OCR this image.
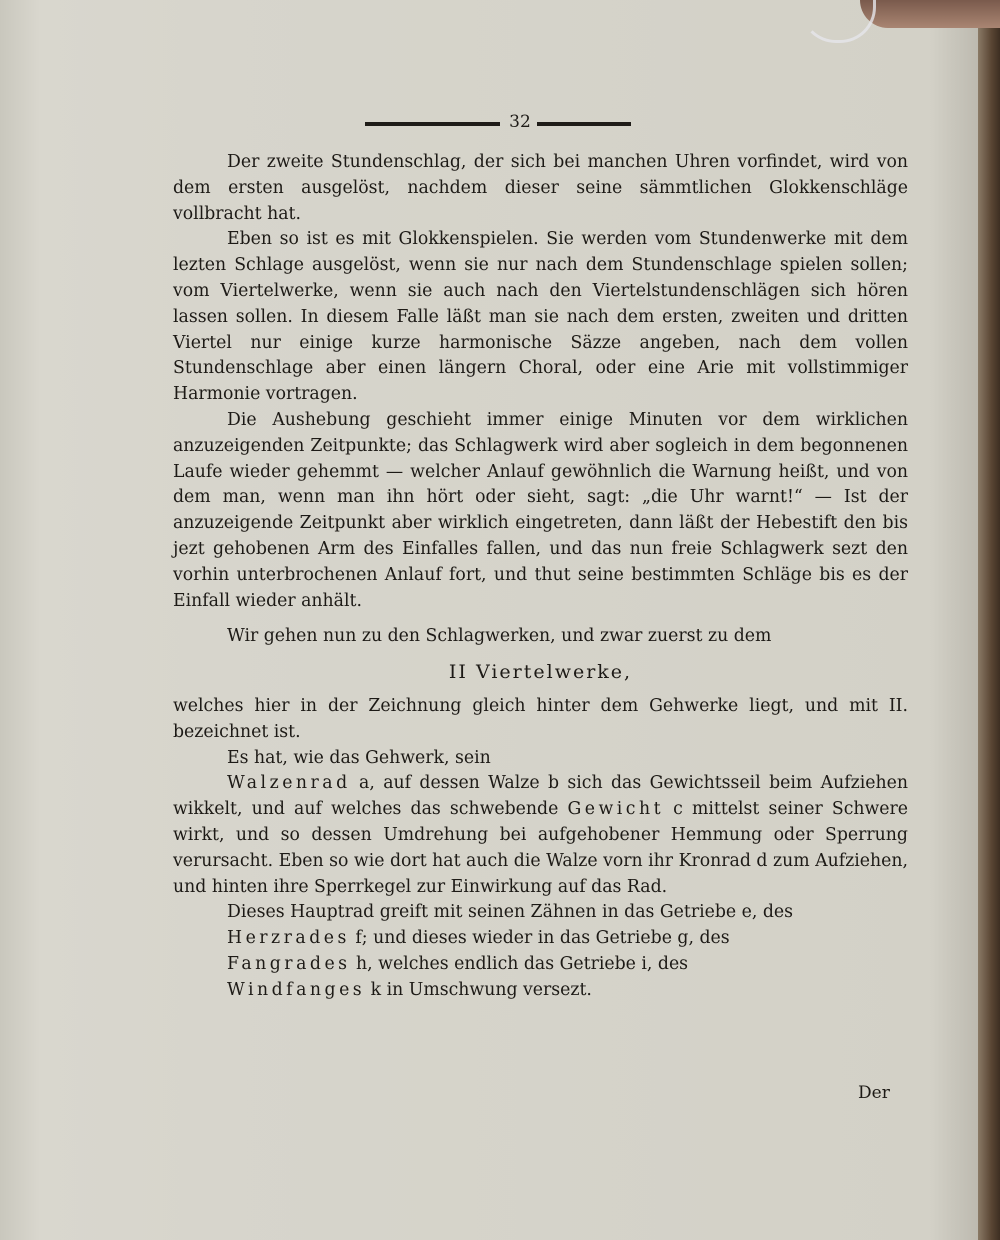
32

Der zweite Stundenschlag, der sich bei manchen Uhren vorfindet, wird von dem ersten ausgelöst, nachdem dieser seine sämmtlichen Glokkenschläge vollbracht hat.

Eben so ist es mit Glokkenspielen. Sie werden vom Stundenwerke mit dem lezten Schlage ausgelöst, wenn sie nur nach dem Stundenschlage spielen sollen; vom Viertelwerke, wenn sie auch nach den Viertelstundenschlägen sich hören lassen sollen. In diesem Falle läßt man sie nach dem ersten, zweiten und dritten Viertel nur einige kurze harmonische Säzze angeben, nach dem vollen Stundenschlage aber einen längern Choral, oder eine Arie mit vollstimmiger Harmonie vortragen.

Die Aushebung geschieht immer einige Minuten vor dem wirklichen anzuzeigenden Zeitpunkte; das Schlagwerk wird aber sogleich in dem begonnenen Laufe wieder gehemmt — welcher Anlauf gewöhnlich die Warnung heißt, und von dem man, wenn man ihn hört oder sieht, sagt: „die Uhr warnt!“ — Ist der anzuzeigende Zeitpunkt aber wirklich eingetreten, dann läßt der Hebestift den bis jezt gehobenen Arm des Einfalles fallen, und das nun freie Schlagwerk sezt den vorhin unterbrochenen Anlauf fort, und thut seine bestimmten Schläge bis es der Einfall wieder anhält.

Wir gehen nun zu den Schlagwerken, und zwar zuerst zu dem

II Viertelwerke,

welches hier in der Zeichnung gleich hinter dem Gehwerke liegt, und mit II. bezeichnet ist.

Es hat, wie das Gehwerk, sein

Walzenrad a, auf dessen Walze b sich das Gewichtsseil beim Aufziehen wikkelt, und auf welches das schwebende Gewicht c mittelst seiner Schwere wirkt, und so dessen Umdrehung bei aufgehobener Hemmung oder Sperrung verursacht. Eben so wie dort hat auch die Walze vorn ihr Kronrad d zum Aufziehen, und hinten ihre Sperrkegel zur Einwirkung auf das Rad.

Dieses Hauptrad greift mit seinen Zähnen in das Getriebe e, des

Herzrades f; und dieses wieder in das Getriebe g, des

Fangrades h, welches endlich das Getriebe i, des

Windfanges k in Umschwung versezt.

Der
